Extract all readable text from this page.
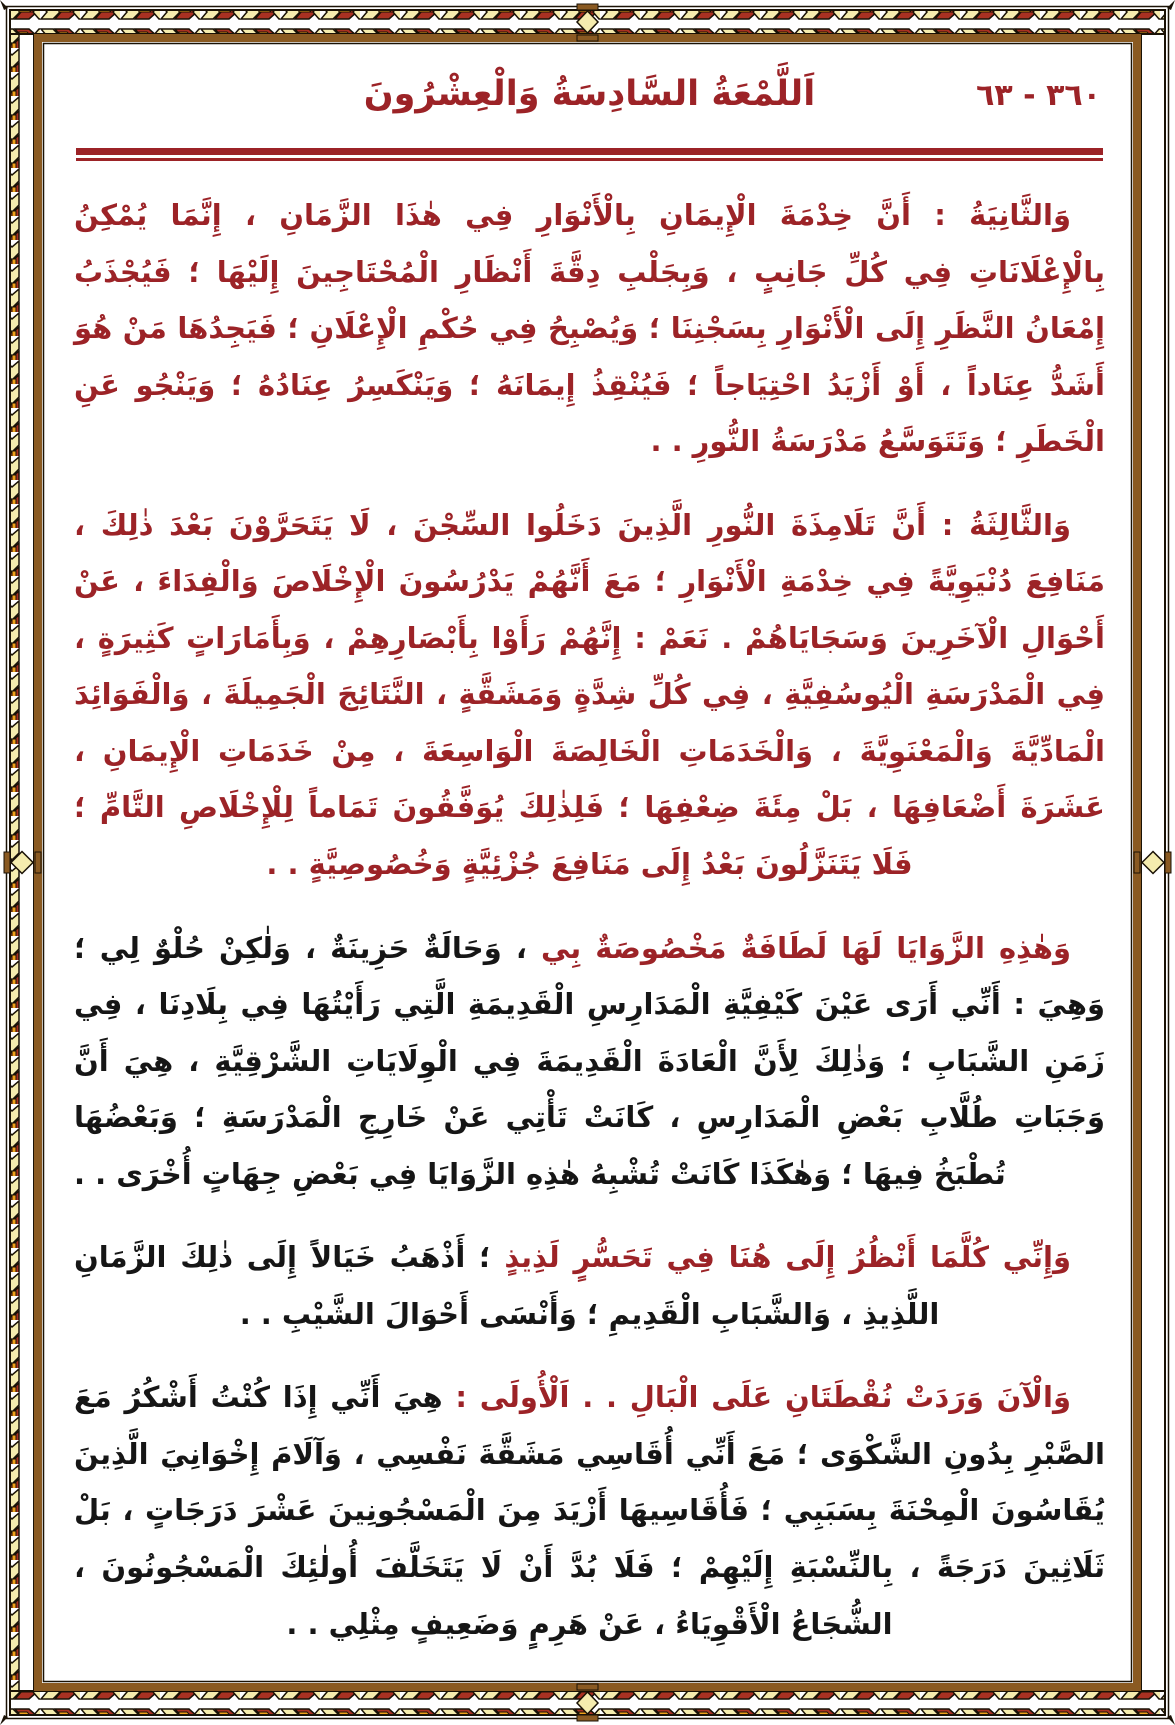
اَللَّمْعَةُ السَّادِسَةُ وَالْعِشْرُونَ	٣٦٠ - ٦٣

وَالثَّانِيَةُ : أَنَّ خِدْمَةَ الْإِيمَانِ بِالْأَنْوَارِ فِي هٰذَا الزَّمَانِ ، إِنَّمَا يُمْكِنُ بِالْإِعْلَانَاتِ فِي كُلِّ جَانِبٍ ، وَبِجَلْبِ دِقَّةَ أَنْظَارِ الْمُحْتَاجِينَ إِلَيْهَا ؛ فَيُجْذَبُ إِمْعَانُ النَّظَرِ إِلَى الْأَنْوَارِ بِسَجْنِنَا ؛ وَيُصْبِحُ فِي حُكْمِ الْإِعْلَانِ ؛ فَيَجِدُهَا مَنْ هُوَ أَشَدُّ عِنَاداً ، أَوْ أَزْيَدُ احْتِيَاجاً ؛ فَيُنْقِذُ إِيمَانَهُ ؛ وَيَنْكَسِرُ عِنَادُهُ ؛ وَيَنْجُو عَنِ الْخَطَرِ ؛ وَتَتَوَسَّعُ مَدْرَسَةُ النُّورِ . .

وَالثَّالِثَةُ : أَنَّ تَلَامِذَةَ النُّورِ الَّذِينَ دَخَلُوا السِّجْنَ ، لَا يَتَحَرَّوْنَ بَعْدَ ذٰلِكَ ، مَنَافِعَ دُنْيَوِيَّةً فِي خِدْمَةِ الْأَنْوَارِ ؛ مَعَ أَنَّهُمْ يَدْرُسُونَ الْإِخْلَاصَ وَالْفِدَاءَ ، عَنْ أَحْوَالِ الْآخَرِينَ وَسَجَايَاهُمْ . نَعَمْ : إِنَّهُمْ رَأَوْا بِأَبْصَارِهِمْ ، وَبِأَمَارَاتٍ كَثِيرَةٍ ، فِي الْمَدْرَسَةِ الْيُوسُفِيَّةِ ، فِي كُلِّ شِدَّةٍ وَمَشَقَّةٍ ، النَّتَائِجَ الْجَمِيلَةَ ، وَالْفَوَائِدَ الْمَادِّيَّةَ وَالْمَعْنَوِيَّةَ ، وَالْخَدَمَاتِ الْخَالِصَةَ الْوَاسِعَةَ ، مِنْ خَدَمَاتِ الْإِيمَانِ ، عَشَرَةَ أَضْعَافِهَا ، بَلْ مِئَةَ ضِعْفِهَا ؛ فَلِذٰلِكَ يُوَفَّقُونَ تَمَاماً لِلْإِخْلَاصِ التَّامِّ ؛ فَلَا يَتَنَزَّلُونَ بَعْدُ إِلَى مَنَافِعَ جُزْئِيَّةٍ وَخُصُوصِيَّةٍ . .

وَهٰذِهِ الزَّوَايَا لَهَا لَطَافَةٌ مَخْصُوصَةٌ بِي ، وَحَالَةٌ حَزِينَةٌ ، وَلٰكِنْ حُلْوٌ لِي ؛ وَهِيَ : أَنِّي أَرَى عَيْنَ كَيْفِيَّةِ الْمَدَارِسِ الْقَدِيمَةِ الَّتِي رَأَيْتُهَا فِي بِلَادِنَا ، فِي زَمَنِ الشَّبَابِ ؛ وَذٰلِكَ لِأَنَّ الْعَادَةَ الْقَدِيمَةَ فِي الْوِلَايَاتِ الشَّرْقِيَّةِ ، هِيَ أَنَّ وَجَبَاتِ طُلَّابِ بَعْضِ الْمَدَارِسِ ، كَانَتْ تَأْتِي عَنْ خَارِجِ الْمَدْرَسَةِ ؛ وَبَعْضُهَا تُطْبَخُ فِيهَا ؛ وَهٰكَذَا كَانَتْ تُشْبِهُ هٰذِهِ الزَّوَايَا فِي بَعْضِ جِهَاتٍ أُخْرَى . .

وَإِنِّي كُلَّمَا أَنْظُرُ إِلَى هُنَا فِي تَحَسُّرٍ لَذِيذٍ ؛ أَذْهَبُ خَيَالاً إِلَى ذٰلِكَ الزَّمَانِ اللَّذِيذِ ، وَالشَّبَابِ الْقَدِيمِ ؛ وَأَنْسَى أَحْوَالَ الشَّيْبِ . .

وَالْآنَ وَرَدَتْ نُقْطَتَانِ عَلَى الْبَالِ . . اَلْأُولَى : هِيَ أَنِّي إِذَا كُنْتُ أَشْكُرُ مَعَ الصَّبْرِ بِدُونِ الشَّكْوَى ؛ مَعَ أَنِّي أُقَاسِي مَشَقَّةَ نَفْسِي ، وَآلَامَ إِخْوَانِيَ الَّذِينَ يُقَاسُونَ الْمِحْنَةَ بِسَبَبِي ؛ فَأُقَاسِيهَا أَزْيَدَ مِنَ الْمَسْجُونِينَ عَشْرَ دَرَجَاتٍ ، بَلْ ثَلَاثِينَ دَرَجَةً ، بِالنِّسْبَةِ إِلَيْهِمْ ؛ فَلَا بُدَّ أَنْ لَا يَتَخَلَّفَ أُولٰئِكَ الْمَسْجُونُونَ ، الشُّجَاعُ الْأَقْوِيَاءُ ، عَنْ هَرِمٍ وَضَعِيفٍ مِثْلِي . .
